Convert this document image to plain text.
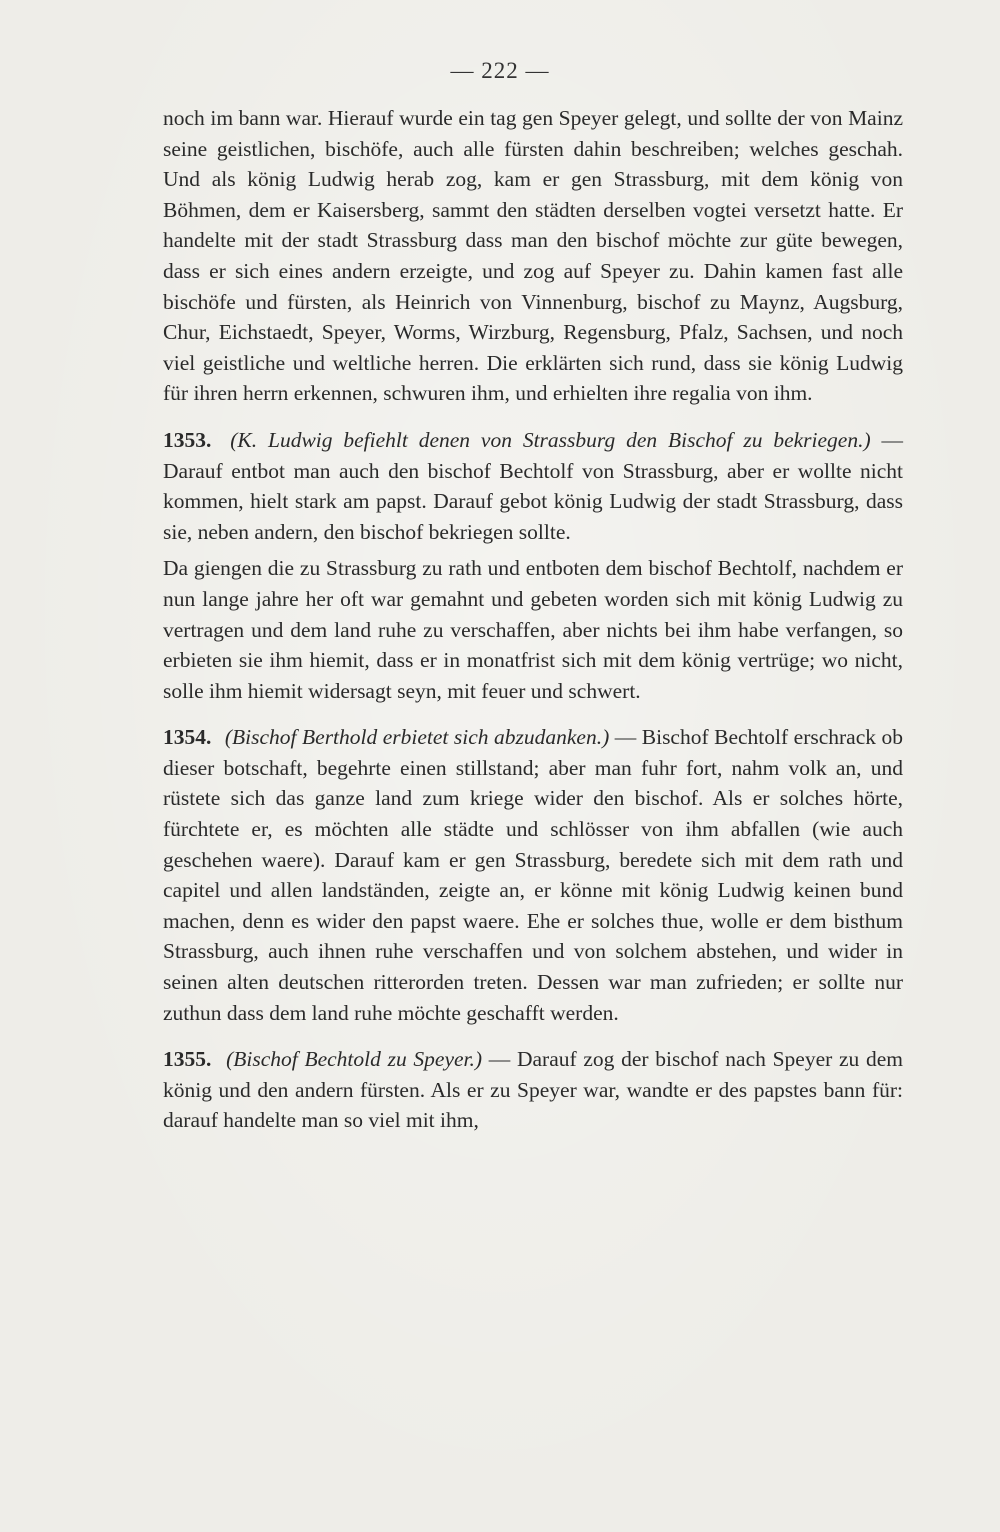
— 222 —

noch im bann war. Hierauf wurde ein tag gen Speyer gelegt, und sollte der von Mainz seine geistlichen, bischöfe, auch alle fürsten dahin beschreiben; welches geschah. Und als könig Ludwig herab zog, kam er gen Strassburg, mit dem könig von Böhmen, dem er Kaisersberg, sammt den städten derselben vogtei versetzt hatte. Er handelte mit der stadt Strassburg dass man den bischof möchte zur güte bewegen, dass er sich eines andern erzeigte, und zog auf Speyer zu. Dahin kamen fast alle bischöfe und fürsten, als Heinrich von Vinnenburg, bischof zu Maynz, Augsburg, Chur, Eichstaedt, Speyer, Worms, Wirzburg, Regensburg, Pfalz, Sachsen, und noch viel geistliche und weltliche herren. Die erklärten sich rund, dass sie könig Ludwig für ihren herrn erkennen, schwuren ihm, und erhielten ihre regalia von ihm.

1353. (K. Ludwig befiehlt denen von Strassburg den Bischof zu bekriegen.) — Darauf entbot man auch den bischof Bechtolf von Strassburg, aber er wollte nicht kommen, hielt stark am papst. Darauf gebot könig Ludwig der stadt Strassburg, dass sie, neben andern, den bischof bekriegen sollte.

Da giengen die zu Strassburg zu rath und entboten dem bischof Bechtolf, nachdem er nun lange jahre her oft war gemahnt und gebeten worden sich mit könig Ludwig zu vertragen und dem land ruhe zu verschaffen, aber nichts bei ihm habe verfangen, so erbieten sie ihm hiemit, dass er in monatfrist sich mit dem könig vertrüge; wo nicht, solle ihm hiemit widersagt seyn, mit feuer und schwert.

1354. (Bischof Berthold erbietet sich abzudanken.) — Bischof Bechtolf erschrack ob dieser botschaft, begehrte einen stillstand; aber man fuhr fort, nahm volk an, und rüstete sich das ganze land zum kriege wider den bischof. Als er solches hörte, fürchtete er, es möchten alle städte und schlösser von ihm abfallen (wie auch geschehen waere). Darauf kam er gen Strassburg, beredete sich mit dem rath und capitel und allen landständen, zeigte an, er könne mit könig Ludwig keinen bund machen, denn es wider den papst waere. Ehe er solches thue, wolle er dem bisthum Strassburg, auch ihnen ruhe verschaffen und von solchem abstehen, und wider in seinen alten deutschen ritterorden treten. Dessen war man zufrieden; er sollte nur zuthun dass dem land ruhe möchte geschafft werden.

1355. (Bischof Bechtold zu Speyer.) — Darauf zog der bischof nach Speyer zu dem könig und den andern fürsten. Als er zu Speyer war, wandte er des papstes bann für: darauf handelte man so viel mit ihm,
